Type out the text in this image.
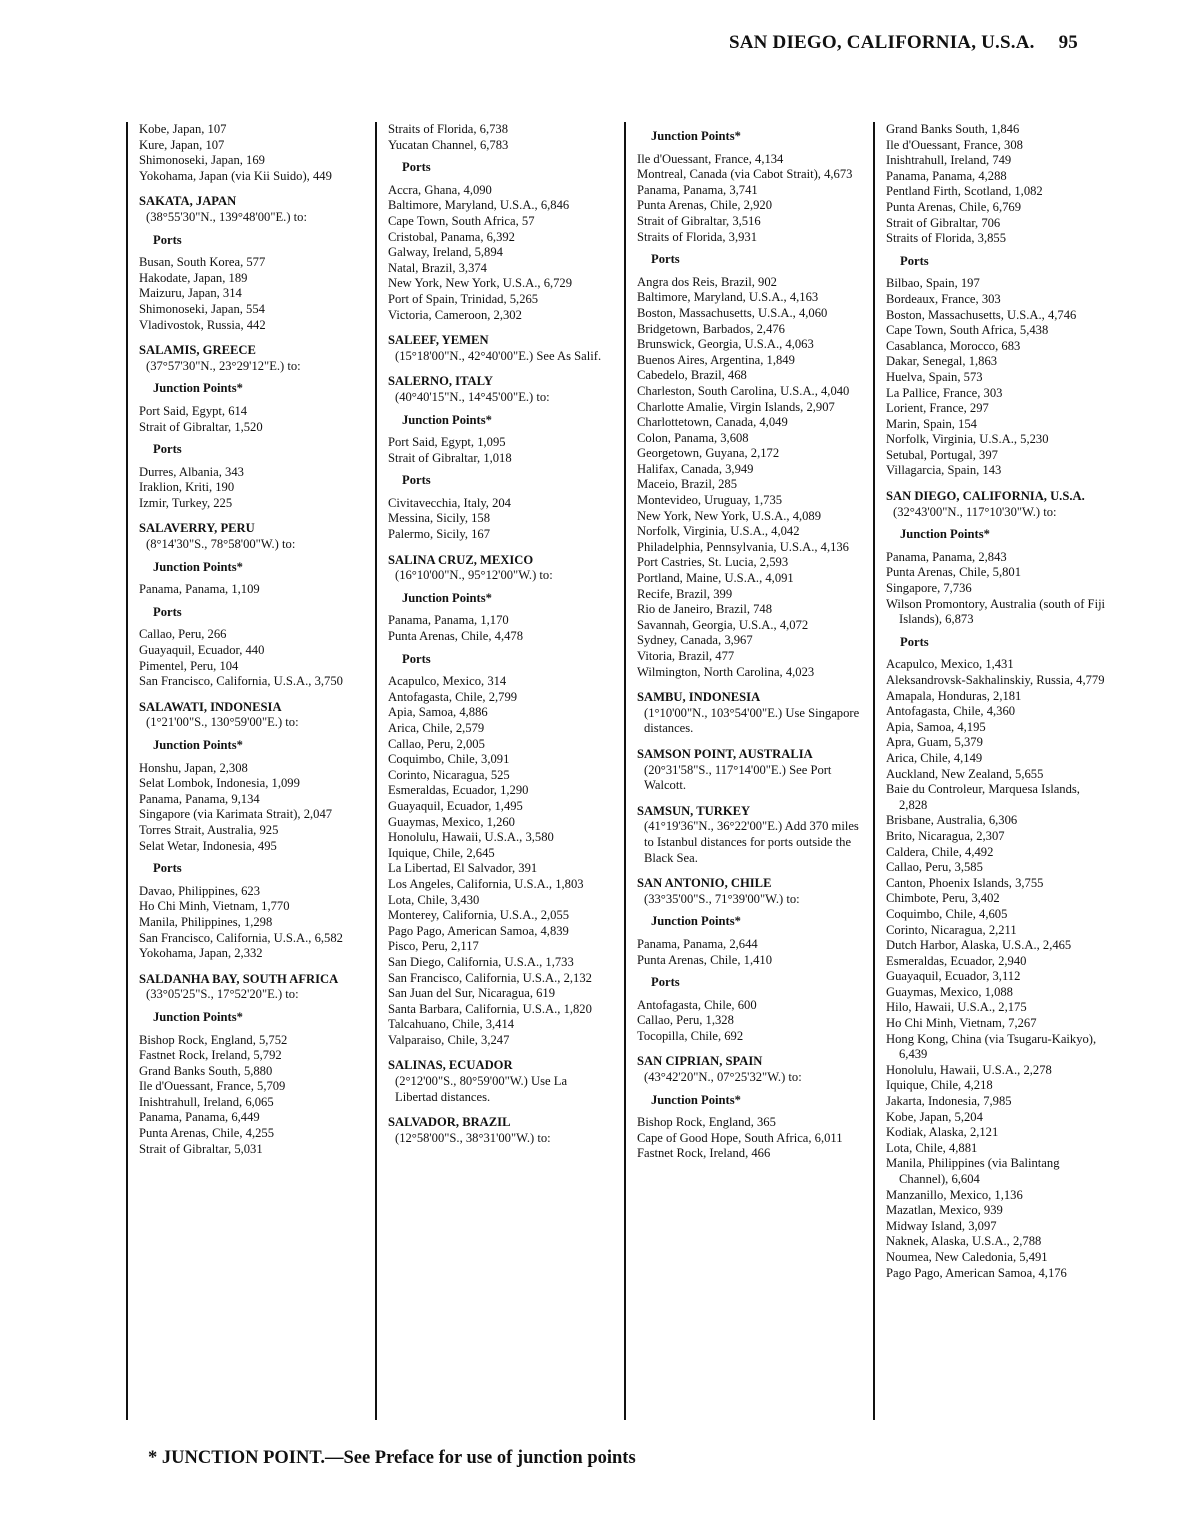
SAN DIEGO, CALIFORNIA, U.S.A. 95
Kobe, Japan, 107
Kure, Japan, 107
Shimonoseki, Japan, 169
Yokohama, Japan (via Kii Suido), 449
SAKATA, JAPAN
(38°55'30"N., 139°48'00"E.) to:
Ports
Busan, South Korea, 577
Hakodate, Japan, 189
Maizuru, Japan, 314
Shimonoseki, Japan, 554
Vladivostok, Russia, 442
SALAMIS, GREECE
(37°57'30"N., 23°29'12"E.) to:
Junction Points*
Port Said, Egypt, 614
Strait of Gibraltar, 1,520
Ports
Durres, Albania, 343
Iraklion, Kriti, 190
Izmir, Turkey, 225
SALAVERRY, PERU
(8°14'30"S., 78°58'00"W.) to:
Junction Points*
Panama, Panama, 1,109
Ports
Callao, Peru, 266
Guayaquil, Ecuador, 440
Pimentel, Peru, 104
San Francisco, California, U.S.A., 3,750
SALAWATI, INDONESIA
(1°21'00"S., 130°59'00"E.) to:
Junction Points*
Honshu, Japan, 2,308
Selat Lombok, Indonesia, 1,099
Panama, Panama, 9,134
Singapore (via Karimata Strait), 2,047
Torres Strait, Australia, 925
Selat Wetar, Indonesia, 495
Ports
Davao, Philippines, 623
Ho Chi Minh, Vietnam, 1,770
Manila, Philippines, 1,298
San Francisco, California, U.S.A., 6,582
Yokohama, Japan, 2,332
SALDANHA BAY, SOUTH AFRICA
(33°05'25"S., 17°52'20"E.) to:
Junction Points*
Bishop Rock, England, 5,752
Fastnet Rock, Ireland, 5,792
Grand Banks South, 5,880
Ile d'Ouessant, France, 5,709
Inishtrahull, Ireland, 6,065
Panama, Panama, 6,449
Punta Arenas, Chile, 4,255
Strait of Gibraltar, 5,031
Straits of Florida, 6,738
Yucatan Channel, 6,783
Ports
Accra, Ghana, 4,090
Baltimore, Maryland, U.S.A., 6,846
Cape Town, South Africa, 57
Cristobal, Panama, 6,392
Galway, Ireland, 5,894
Natal, Brazil, 3,374
New York, New York, U.S.A., 6,729
Port of Spain, Trinidad, 5,265
Victoria, Cameroon, 2,302
SALEEF, YEMEN
(15°18'00"N., 42°40'00"E.) See As Salif.
SALERNO, ITALY
(40°40'15"N., 14°45'00"E.) to:
Junction Points*
Port Said, Egypt, 1,095
Strait of Gibraltar, 1,018
Ports
Civitavecchia, Italy, 204
Messina, Sicily, 158
Palermo, Sicily, 167
SALINA CRUZ, MEXICO
(16°10'00"N., 95°12'00"W.) to:
Junction Points*
Panama, Panama, 1,170
Punta Arenas, Chile, 4,478
Ports
Acapulco, Mexico, 314
Antofagasta, Chile, 2,799
Apia, Samoa, 4,886
Arica, Chile, 2,579
Callao, Peru, 2,005
Coquimbo, Chile, 3,091
Corinto, Nicaragua, 525
Esmeraldas, Ecuador, 1,290
Guayaquil, Ecuador, 1,495
Guaymas, Mexico, 1,260
Honolulu, Hawaii, U.S.A., 3,580
Iquique, Chile, 2,645
La Libertad, El Salvador, 391
Los Angeles, California, U.S.A., 1,803
Lota, Chile, 3,430
Monterey, California, U.S.A., 2,055
Pago Pago, American Samoa, 4,839
Pisco, Peru, 2,117
San Diego, California, U.S.A., 1,733
San Francisco, California, U.S.A., 2,132
San Juan del Sur, Nicaragua, 619
Santa Barbara, California, U.S.A., 1,820
Talcahuano, Chile, 3,414
Valparaiso, Chile, 3,247
SALINAS, ECUADOR
(2°12'00"S., 80°59'00"W.) Use La Libertad distances.
SALVADOR, BRAZIL
(12°58'00"S., 38°31'00"W.) to:
Junction Points*
Ile d'Ouessant, France, 4,134
Montreal, Canada (via Cabot Strait), 4,673
Panama, Panama, 3,741
Punta Arenas, Chile, 2,920
Strait of Gibraltar, 3,516
Straits of Florida, 3,931
Ports
Angra dos Reis, Brazil, 902
Baltimore, Maryland, U.S.A., 4,163
Boston, Massachusetts, U.S.A., 4,060
Bridgetown, Barbados, 2,476
Brunswick, Georgia, U.S.A., 4,063
Buenos Aires, Argentina, 1,849
Cabedelo, Brazil, 468
Charleston, South Carolina, U.S.A., 4,040
Charlotte Amalie, Virgin Islands, 2,907
Charlottetown, Canada, 4,049
Colon, Panama, 3,608
Georgetown, Guyana, 2,172
Halifax, Canada, 3,949
Maceio, Brazil, 285
Montevideo, Uruguay, 1,735
New York, New York, U.S.A., 4,089
Norfolk, Virginia, U.S.A., 4,042
Philadelphia, Pennsylvania, U.S.A., 4,136
Port Castries, St. Lucia, 2,593
Portland, Maine, U.S.A., 4,091
Recife, Brazil, 399
Rio de Janeiro, Brazil, 748
Savannah, Georgia, U.S.A., 4,072
Sydney, Canada, 3,967
Vitoria, Brazil, 477
Wilmington, North Carolina, 4,023
SAMBU, INDONESIA
(1°10'00"N., 103°54'00"E.) Use Singapore distances.
SAMSON POINT, AUSTRALIA
(20°31'58"S., 117°14'00"E.) See Port Walcott.
SAMSUN, TURKEY
(41°19'36"N., 36°22'00"E.) Add 370 miles to Istanbul distances for ports outside the Black Sea.
SAN ANTONIO, CHILE
(33°35'00"S., 71°39'00"W.) to:
Junction Points*
Panama, Panama, 2,644
Punta Arenas, Chile, 1,410
Ports
Antofagasta, Chile, 600
Callao, Peru, 1,328
Tocopilla, Chile, 692
SAN CIPRIAN, SPAIN
(43°42'20"N., 07°25'32"W.) to:
Junction Points*
Bishop Rock, England, 365
Cape of Good Hope, South Africa, 6,011
Fastnet Rock, Ireland, 466
Grand Banks South, 1,846
Ile d'Ouessant, France, 308
Inishtrahull, Ireland, 749
Panama, Panama, 4,288
Pentland Firth, Scotland, 1,082
Punta Arenas, Chile, 6,769
Strait of Gibraltar, 706
Straits of Florida, 3,855
Ports
Bilbao, Spain, 197
Bordeaux, France, 303
Boston, Massachusetts, U.S.A., 4,746
Cape Town, South Africa, 5,438
Casablanca, Morocco, 683
Dakar, Senegal, 1,863
Huelva, Spain, 573
La Pallice, France, 303
Lorient, France, 297
Marin, Spain, 154
Norfolk, Virginia, U.S.A., 5,230
Setubal, Portugal, 397
Villagarcia, Spain, 143
SAN DIEGO, CALIFORNIA, U.S.A.
(32°43'00"N., 117°10'30"W.) to:
Junction Points*
Panama, Panama, 2,843
Punta Arenas, Chile, 5,801
Singapore, 7,736
Wilson Promontory, Australia (south of Fiji Islands), 6,873
Ports
Acapulco, Mexico, 1,431
Aleksandrovsk-Sakhalinskiy, Russia, 4,779
Amapala, Honduras, 2,181
Antofagasta, Chile, 4,360
Apia, Samoa, 4,195
Apra, Guam, 5,379
Arica, Chile, 4,149
Auckland, New Zealand, 5,655
Baie du Controleur, Marquesa Islands, 2,828
Brisbane, Australia, 6,306
Brito, Nicaragua, 2,307
Caldera, Chile, 4,492
Callao, Peru, 3,585
Canton, Phoenix Islands, 3,755
Chimbote, Peru, 3,402
Coquimbo, Chile, 4,605
Corinto, Nicaragua, 2,211
Dutch Harbor, Alaska, U.S.A., 2,465
Esmeraldas, Ecuador, 2,940
Guayaquil, Ecuador, 3,112
Guaymas, Mexico, 1,088
Hilo, Hawaii, U.S.A., 2,175
Ho Chi Minh, Vietnam, 7,267
Hong Kong, China (via Tsugaru-Kaikyo), 6,439
Honolulu, Hawaii, U.S.A., 2,278
Iquique, Chile, 4,218
Jakarta, Indonesia, 7,985
Kobe, Japan, 5,204
Kodiak, Alaska, 2,121
Lota, Chile, 4,881
Manila, Philippines (via Balintang Channel), 6,604
Manzanillo, Mexico, 1,136
Mazatlan, Mexico, 939
Midway Island, 3,097
Naknek, Alaska, U.S.A., 2,788
Noumea, New Caledonia, 5,491
Pago Pago, American Samoa, 4,176
* JUNCTION POINT.—See Preface for use of junction points
